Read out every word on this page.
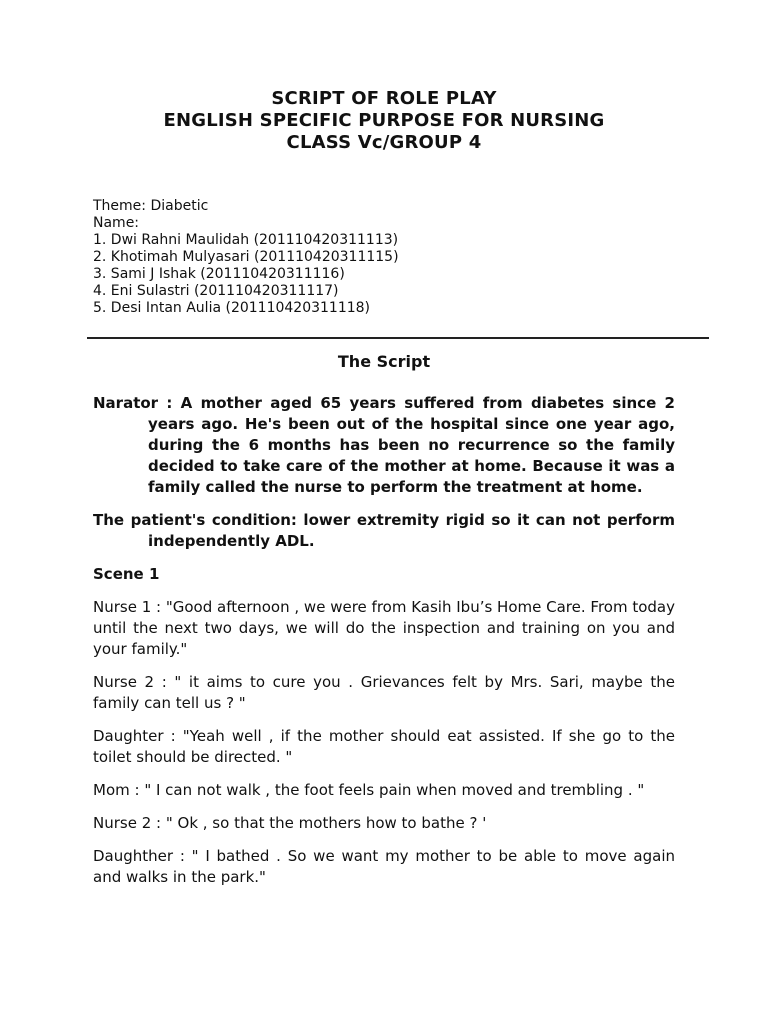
SCRIPT OF ROLE PLAY
ENGLISH SPECIFIC PURPOSE FOR NURSING
CLASS Vc/GROUP 4
Theme: Diabetic
Name:
1. Dwi Rahni Maulidah (201110420311113)
2. Khotimah Mulyasari (201110420311115)
3. Sami J Ishak (201110420311116)
4. Eni Sulastri (201110420311117)
5. Desi Intan Aulia (201110420311118)
The Script

Narator : A mother aged 65 years suffered from diabetes since 2 years ago. He's been out of the hospital since one year ago, during the 6 months has been no recurrence so the family decided to take care of the mother at home. Because it was a family called the nurse to perform the treatment at home.

The patient's condition: lower extremity rigid so it can not perform independently ADL.

Scene 1

Nurse 1 : "Good afternoon , we were from Kasih Ibu’s Home Care. From today until the next two days, we will do the inspection and training on you and your family."

Nurse 2 : " it aims to cure you . Grievances felt by Mrs. Sari, maybe the family can tell us ? "

Daughter : "Yeah well , if the mother should eat assisted. If she go to the toilet should be directed. "

Mom : " I can not walk , the foot feels pain when moved and trembling . "

Nurse 2 : " Ok , so that the mothers how to bathe ? '

Daughther : " I bathed . So we want my mother to be able to move again and walks in the park."
